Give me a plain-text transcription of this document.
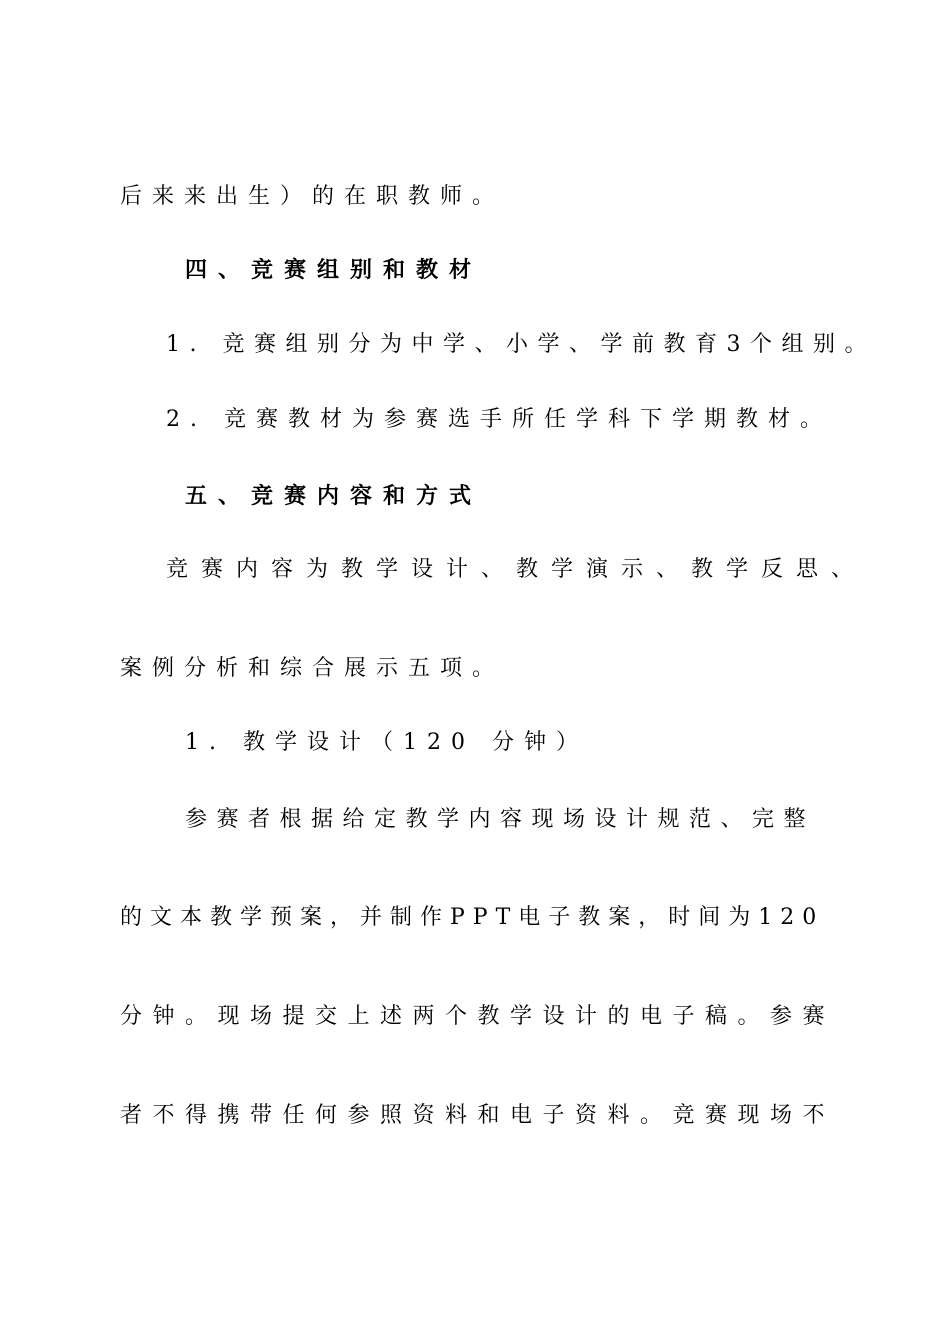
后来来出生）的在职教师。

四、竞赛组别和教材

1. 竞赛组别分为中学、小学、学前教育3个组别。

2. 竞赛教材为参赛选手所任学科下学期教材。

五、竞赛内容和方式

竞赛内容为教学设计、教学演示、教学反思、

案例分析和综合展示五项。

1. 教学设计（120 分钟）

参赛者根据给定教学内容现场设计规范、完整

的文本教学预案，并制作PPT电子教案，时间为120

分钟。现场提交上述两个教学设计的电子稿。参赛

者不得携带任何参照资料和电子资料。竞赛现场不
